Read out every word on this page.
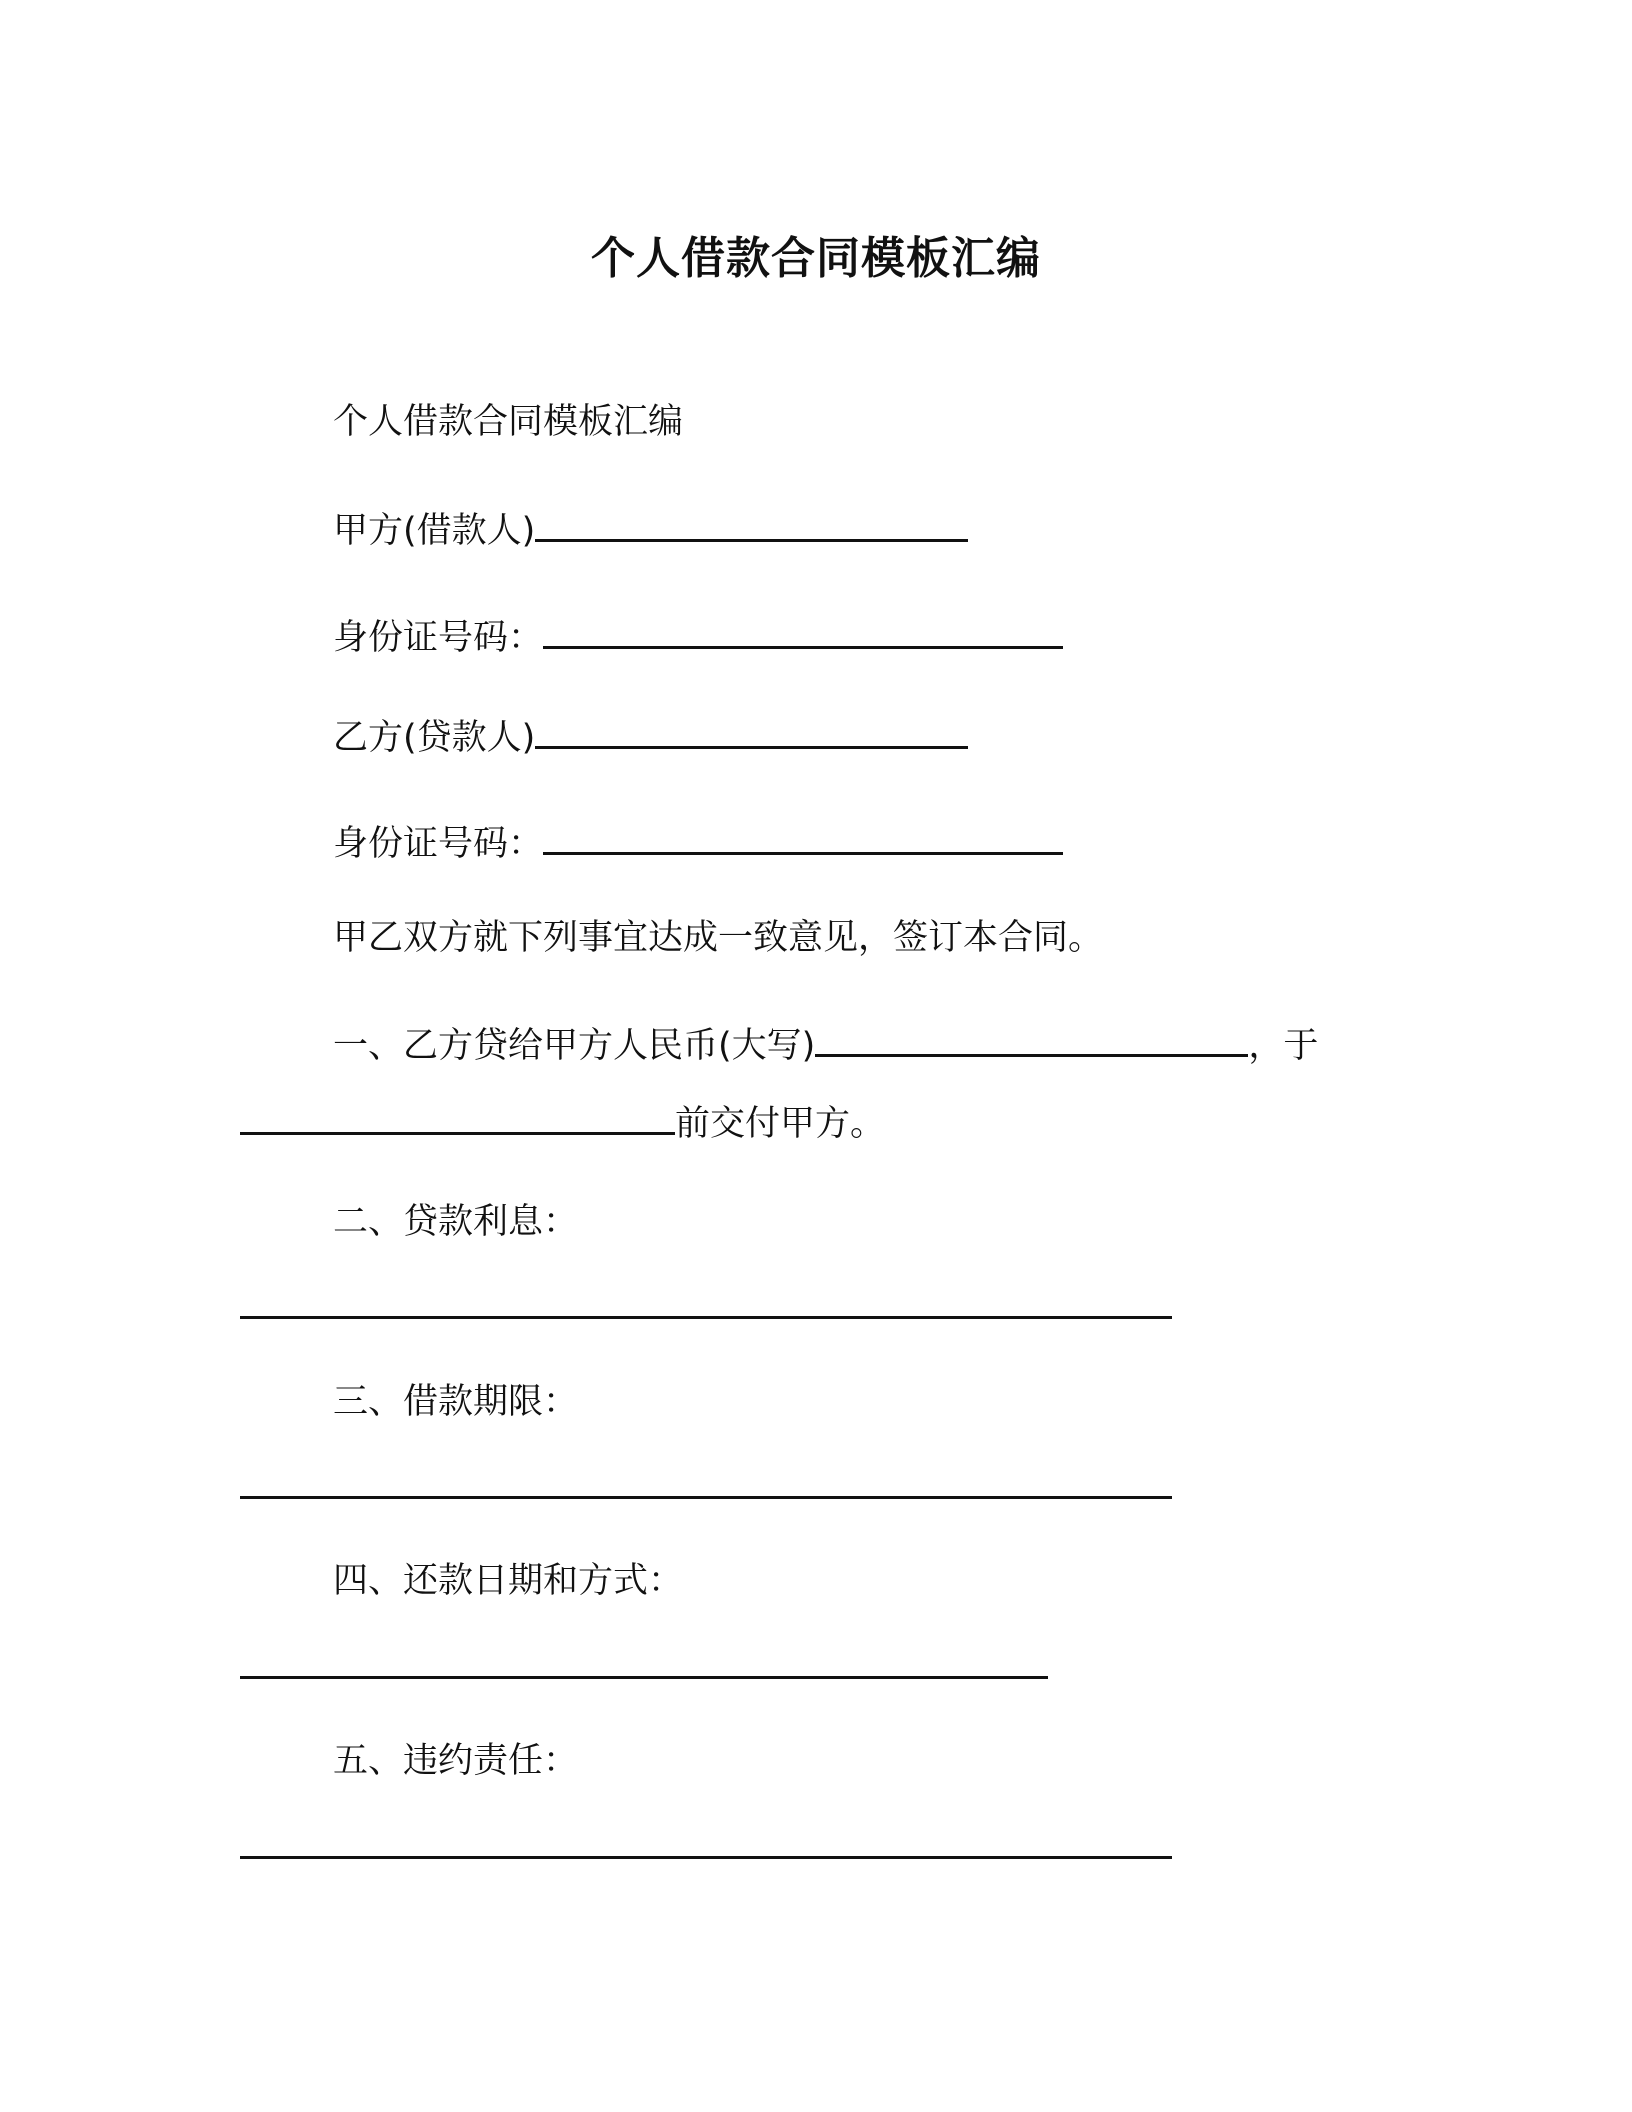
个人借款合同模板汇编
个人借款合同模板汇编
甲方(借款人)
身份证号码：
乙方(贷款人)
身份证号码：
甲乙双方就下列事宜达成一致意见，签订本合同。
一、乙方贷给甲方人民币(大写)	，于
前交付甲方。
二、贷款利息：
三、借款期限：
四、还款日期和方式：
五、违约责任：
